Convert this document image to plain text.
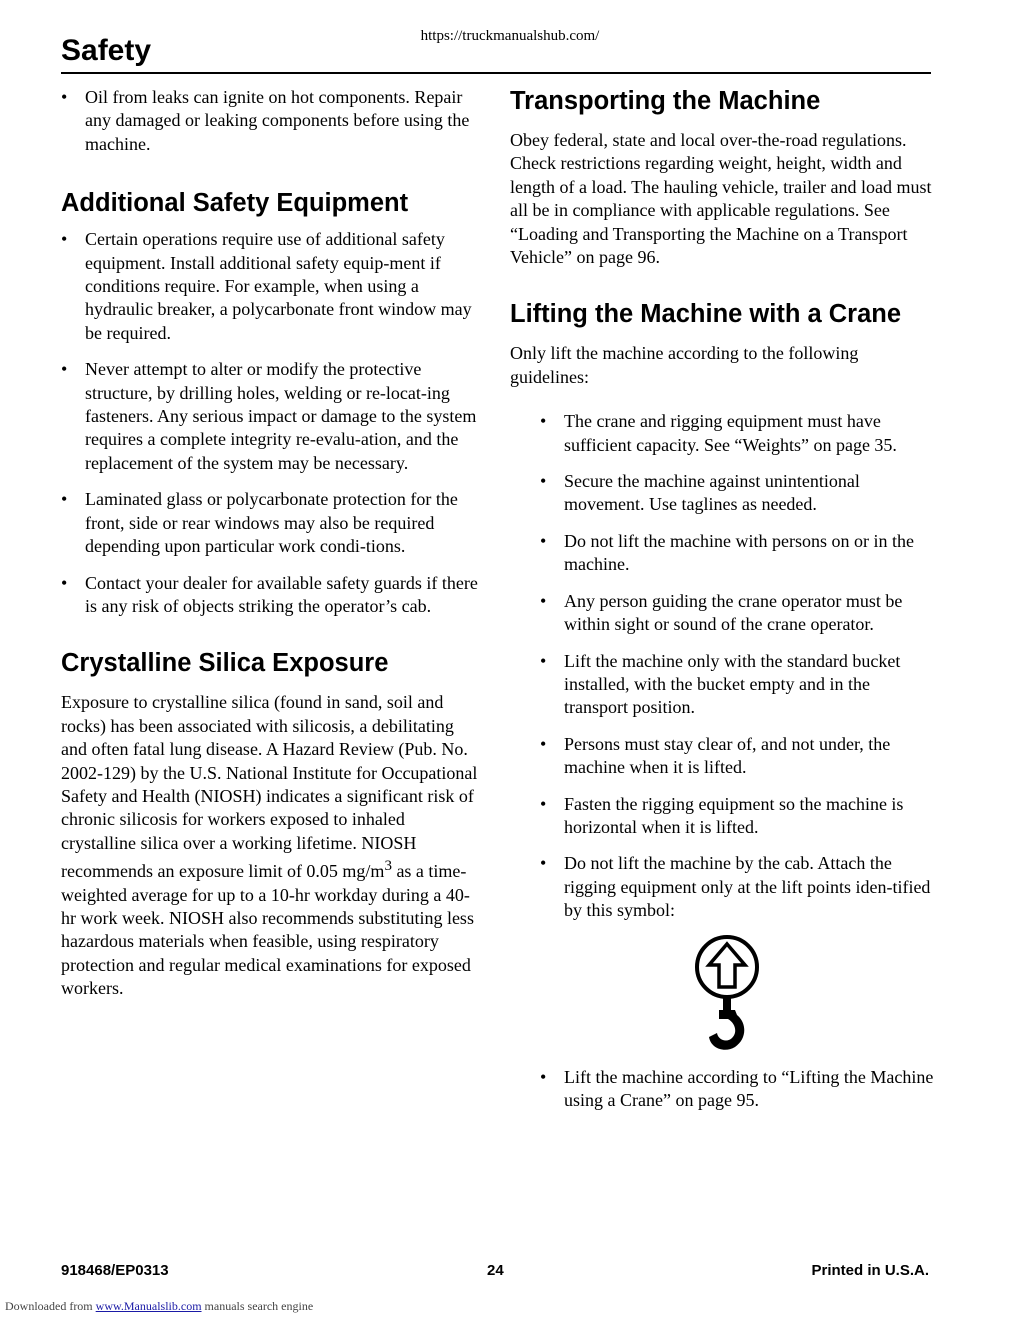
https://truckmanualshub.com/
Safety
• Oil from leaks can ignite on hot components. Repair any damaged or leaking components before using the machine.
Additional Safety Equipment
• Certain operations require use of additional safety equipment. Install additional safety equip-ment if conditions require. For example, when using a hydraulic breaker, a polycarbonate front window may be required.
• Never attempt to alter or modify the protective structure, by drilling holes, welding or re-locat-ing fasteners. Any serious impact or damage to the system requires a complete integrity re-evalu-ation, and the replacement of the system may be necessary.
• Laminated glass or polycarbonate protection for the front, side or rear windows may also be required depending upon particular work condi-tions.
• Contact your dealer for available safety guards if there is any risk of objects striking the operator’s cab.
Crystalline Silica Exposure

Exposure to crystalline silica (found in sand, soil and rocks) has been associated with silicosis, a debilitating and often fatal lung disease. A Hazard Review (Pub. No. 2002-129) by the U.S. National Institute for Occupational Safety and Health (NIOSH) indicates a significant risk of chronic silicosis for workers exposed to inhaled crystalline silica over a working lifetime. NIOSH recommends an exposure limit of 0.05 $mg/m^3$ as a time-weighted average for up to a 10-hr workday during a 40-hr work week. NIOSH also recommends substituting less hazardous materials when feasible, using respiratory protection and regular medical examinations for exposed workers.

Transporting the Machine

Obey federal, state and local over-the-road regulations. Check restrictions regarding weight, height, width and length of a load. The hauling vehicle, trailer and load must all be in compliance with applicable regulations. See “Loading and Transporting the Machine on a Transport Vehicle” on page 96.

Lifting the Machine with a Crane

Only lift the machine according to the following guidelines:

• The crane and rigging equipment must have sufficient capacity. See “Weights” on page 35.
• Secure the machine against unintentional movement. Use taglines as needed.
• Do not lift the machine with persons on or in the machine.
• Any person guiding the crane operator must be within sight or sound of the crane operator.
• Lift the machine only with the standard bucket installed, with the bucket empty and in the transport position.
• Persons must stay clear of, and not under, the machine when it is lifted.
• Fasten the rigging equipment so the machine is horizontal when it is lifted.
• Do not lift the machine by the cab. Attach the rigging equipment only at the lift points iden-tified by this symbol:
• Lift the machine according to “Lifting the Machine using a Crane” on page 95.
918468/EP0313	24	Printed in U.S.A.
Downloaded from www.Manualslib.com manuals search engine
